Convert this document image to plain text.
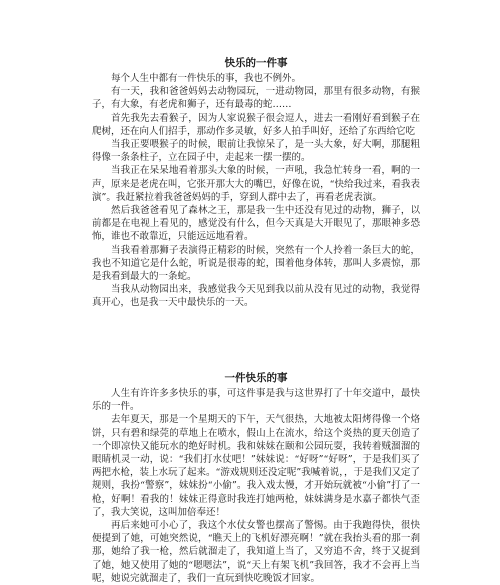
快乐的一件事

每个人生中都有一件快乐的事，我也不例外。

有一天，我和爸爸妈妈去动物园玩，一进动物园，那里有很多动物，有猴子，有大象，有老虎和狮子，还有最毒的蛇……

首先我先去看猴子，因为人家说猴子很会逗人，进去一看刚好看到猴子在爬树，还在向人们招手，那动作多灵敏，好多人拍手叫好，还给了东西给它吃

当我正要喂猴子的时候，眼前让我惊呆了，是一头大象，好大啊，那腿粗得像一条条柱子，立在园子中，走起来一摆一摆的。

当我正在呆呆地看着那头大象的时候，一声吼，我急忙转身一看，啊的一声，原来是老虎在叫，它张开那大大的嘴巴，好像在说，“快给我过来，看我表演”。我赶紧拉着我爸爸妈妈的手，穿到人群中去了，再看老虎表演。

然后我爸爸看见了森林之王，那是我一生中还没有见过的动物，狮子，以前都是在电视上看见的，感觉没有什么，但今天真是大开眼见了，那眼神多恐怖，谁也不敢靠近，只能远远地看着。

当我看着那狮子表演得正精彩的时候，突然有一个人拎着一条巨大的蛇，我也不知道它是什么蛇，听说是很毒的蛇，围着他身体转，那叫人多震惊，那是我看到最大的一条蛇。

当我从动物园出来，我感觉我今天见到我以前从没有见过的动物，我觉得真开心，也是我一天中最快乐的一天。

一件快乐的事

人生有许许多多快乐的事，可这件事是我与这世界打了十年交道中，最快乐的一件。

去年夏天，那是一个星期天的下午，天气很热，大地被太阳烤得像一个烙饼，只有碧和绿莞的草地上在喷水，假山上在流水，给这个炎热的夏天创造了一个即凉快又能玩水的绝好时机。我和妹妹在颐和公园玩耍，我转着贼溜溜的眼睛机灵一动，说：“我们打水仗吧！”妹妹说：“好呀”“好呀”，于是我们买了两把水枪，装上水玩了起来。“游戏规则还没定呢”我喊着说，，于是我们又定了规则，我扮“警察”，妹妹扮“小偷”。我入戏太慢，才开始玩就被“小偷”打了一枪，好啊！看我的！妹妹正得意时我连打她两枪，妹妹满身是水嘉子都快气歪了，我大笑说，这叫加倍奉还！

再后来她可小心了，我这个水仗女警也摆高了警惕。由于我跑得快，很快便提到了她，可她突然说，“瞧天上的飞机好漂亮啊！”就在我抬头看的那一刹那，她给了我一枪，然后就溜走了，我知道上当了，又穷追不舍，终于又捉到了她，她又使用了她的“嗯嗯法”，说“天上有架飞机”我回答，我才不会再上当呢，她说完就溜走了，我们一直玩到快吃晚饭才回家。
